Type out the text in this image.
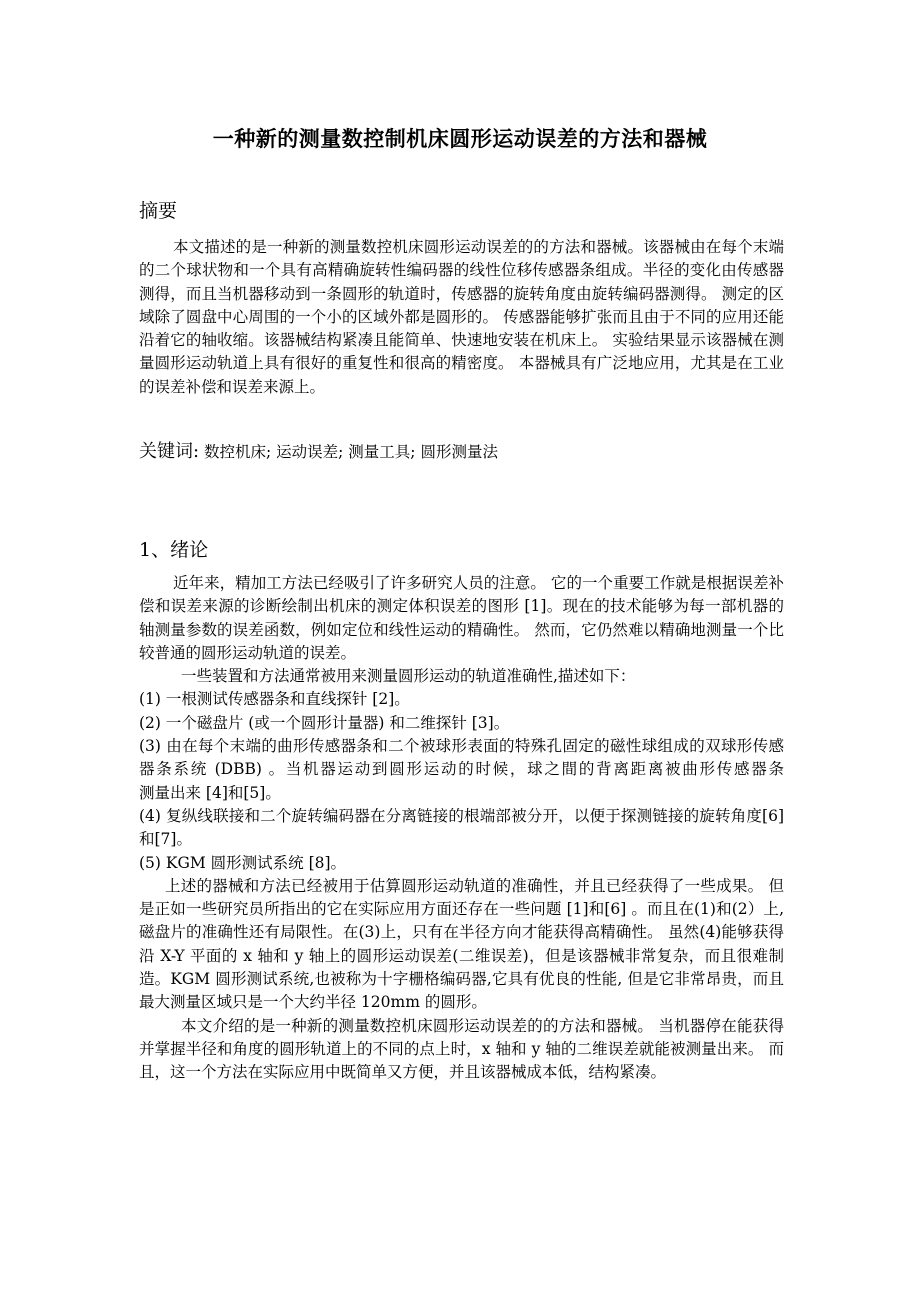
一种新的测量数控制机床圆形运动误差的方法和器械
摘要

本文描述的是一种新的测量数控机床圆形运动误差的的方法和器械。该器械由在每个末端的二个球状物和一个具有高精确旋转性编码器的线性位移传感器条组成。半径的变化由传感器测得，而且当机器移动到一条圆形的轨道时，传感器的旋转角度由旋转编码器测得。 测定的区域除了圆盘中心周围的一个小的区域外都是圆形的。 传感器能够扩张而且由于不同的应用还能沿着它的轴收缩。该器械结构紧凑且能简单、快速地安装在机床上。 实验结果显示该器械在测量圆形运动轨道上具有很好的重复性和很高的精密度。 本器械具有广泛地应用，尤其是在工业的误差补偿和误差来源上。

关键词: 数控机床; 运动误差; 测量工具; 圆形测量法
1、绪论

近年来，精加工方法已经吸引了许多研究人员的注意。 它的一个重要工作就是根据误差补偿和误差来源的诊断绘制出机床的测定体积误差的图形 [1]。现在的技术能够为每一部机器的轴测量参数的误差函数，例如定位和线性运动的精确性。 然而，它仍然难以精确地测量一个比较普通的圆形运动轨道的误差。

一些装置和方法通常被用来测量圆形运动的轨道准确性,描述如下：

(1) 一根测试传感器条和直线探针 [2]。

(2) 一个磁盘片 (或一个圆形计量器) 和二维探针 [3]。

(3) 由在每个末端的曲形传感器条和二个被球形表面的特殊孔固定的磁性球组成的双球形传感器条系统 (DBB) 。当机器运动到圆形运动的时候，球之間的背离距离被曲形传感器条　　　　　　测量出来 [4]和[5]。

(4) 复纵线联接和二个旋转编码器在分离链接的根端部被分开，以便于探测链接的旋转角度[6]和[7]。

(5) KGM 圆形测试系统 [8]。

上述的器械和方法已经被用于估算圆形运动轨道的准确性，并且已经获得了一些成果。 但是正如一些研究员所指出的它在实际应用方面还存在一些问题 [1]和[6] 。而且在(1)和(2）上, 磁盘片的准确性还有局限性。在(3)上，只有在半径方向才能获得高精确性。 虽然(4)能够获得沿 X-Y 平面的 x 轴和 y 轴上的圆形运动误差(二维误差)，但是该器械非常复杂，而且很难制造。KGM 圆形测试系统,也被称为十字栅格编码器,它具有优良的性能, 但是它非常昂贵，而且最大测量区域只是一个大约半径 120mm 的圆形。

本文介绍的是一种新的测量数控机床圆形运动误差的的方法和器械。 当机器停在能获得并掌握半径和角度的圆形轨道上的不同的点上时，x 轴和 y 轴的二维误差就能被测量出来。 而且，这一个方法在实际应用中既简单又方便，并且该器械成本低，结构紧凑。
